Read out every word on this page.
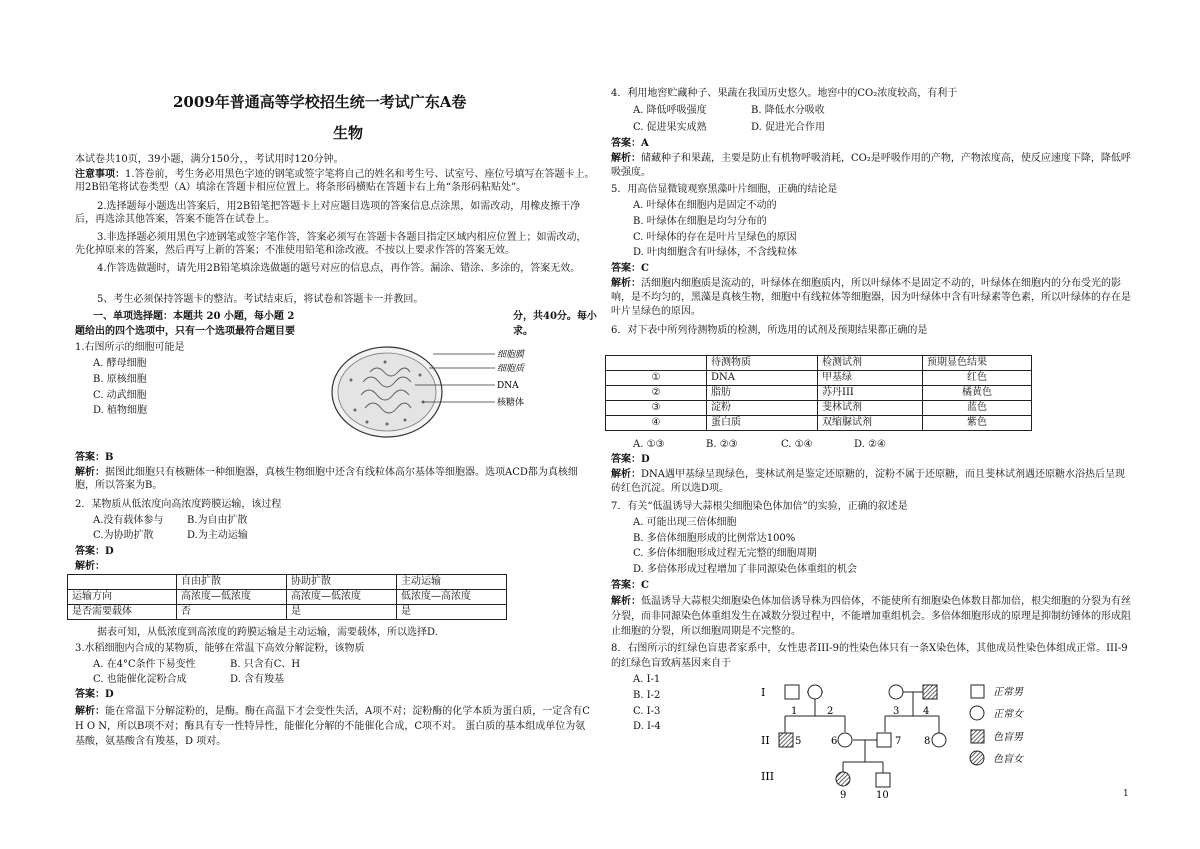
2009年普通高等学校招生统一考试广东A卷
生物
本试卷共10页，39小题，满分150分，，考试用时120分钟。
注意事项：1.答卷前，考生务必用黑色字迹的钢笔或签字笔将自己的姓名和考生号、试室号、座位号填写在答题卡上。用2B铅笔将试卷类型（A）填涂在答题卡相应位置上。将条形码横贴在答题卡右上角“条形码粘贴处”。
2.选择题每小题选出答案后，用2B铅笔把答题卡上对应题目选项的答案信息点涂黑，如需改动，用橡皮擦干净后，再选涂其他答案，答案不能答在试卷上。
3.非选择题必须用黑色字迹钢笔或签字笔作答，答案必须写在答题卡各题目指定区域内相应位置上；如需改动，先化掉原来的答案，然后再写上新的答案；不准使用铅笔和涂改液。不按以上要求作答的答案无效。
4.作答选做题时，请先用2B铅笔填涂选做题的题号对应的信息点，再作答。漏涂、错涂、多涂的，答案无效。
5、考生必须保持答题卡的整洁。考试结束后，将试卷和答题卡一并教回。
一、单项选择题：本题共 20 小题，每小题 2	分，共40分。每小
题给出的四个选项中，只有一个选项最符合题目要	求。
1.右图所示的细胞可能是
A. 酵母细胞
B. 原核细胞
C. 动武细胞
D. 植物细胞
细胞膜
细胞质
DNA
核糖体
答案：B
解析：据图此细胞只有核糖体一种细胞器，真核生物细胞中还含有线粒体高尔基体等细胞器。选项ACD都为真核细胞，所以答案为B。
2．某物质从低浓度向高浓度跨膜运输，该过程
A.没有载体参与 B.为自由扩散
C.为协助扩散	D.为主动运输
答案：D
解析：
	自由扩散	协助扩散	主动运输
运输方向	高浓度—低浓度	高浓度—低浓度	低浓度—高浓度
是否需要载体	否	是	是
据表可知，从低浓度到高浓度的跨膜运输是主动运输，需要载体，所以选择D.
3.水稻细胞内合成的某物质，能够在常温下高效分解淀粉，该物质
A. 在4°C条件下易变性	B. 只含有C、H
C. 也能催化淀粉合成	D. 含有羧基
答案：D
解析：能在常温下分解淀粉的，是酶。酶在高温下才会变性失活，A项不对；淀粉酶的化学本质为蛋白质，一定含有C H O N，所以B项不对；酶具有专一性特异性，能催化分解的不能催化合成，C项不对。 蛋白质的基本组成单位为氨基酸，氨基酸含有羧基，D 项对。
4．利用地窖贮藏种子、果蔬在我国历史悠久。地窖中的CO₂浓度较高，有利于
A. 降低呼吸强度	B. 降低水分吸收
C. 促进果实成熟	D. 促进光合作用
答案：A
解析：储藏种子和果蔬，主要是防止有机物呼吸消耗，CO₂是呼吸作用的产物，产物浓度高，使反应速度下降，降低呼吸强度。
5．用高倍显微镜观察黑藻叶片细胞，正确的结论是
A. 叶绿体在细胞内是固定不动的
B. 叶绿体在细胞是均匀分布的
C. 叶绿体的存在是叶片呈绿色的原因
D. 叶肉细胞含有叶绿体，不含线粒体
答案：C
解析：活细胞内细胞质是流动的，叶绿体在细胞质内，所以叶绿体不是固定不动的，叶绿体在细胞内的分布受光的影响，是不均匀的，黑藻是真核生物，细胞中有线粒体等细胞器，因为叶绿体中含有叶绿素等色素，所以叶绿体的存在是叶片呈绿色的原因。
6．对下表中所列待测物质的检测，所选用的试剂及预期结果都正确的是
	待测物质	检测试剂	预期显色结果
①	DNA	甲基绿	红色
②	脂肪	苏丹III	橘黄色
③	淀粉	斐林试剂	蓝色
④	蛋白质	双缩脲试剂	紫色
A. ①③	B. ②③	C. ①④	D. ②④
答案：D
解析：DNA遇甲基绿呈现绿色，斐林试剂是鉴定还原糖的，淀粉不属于还原糖，而且斐林试剂遇还原糖水浴热后呈现砖红色沉淀。所以选D项。
7．有关“低温诱导大蒜根尖细胞染色体加倍”的实验，正确的叙述是
A. 可能出现三倍体细胞
B. 多倍体细胞形成的比例常达100%
C. 多倍体细胞形成过程无完整的细胞周期
D. 多倍体形成过程增加了非同源染色体重组的机会
答案：C
解析：低温诱导大蒜根尖细胞染色体加倍诱导株为四倍体，不能使所有细胞染色体数目都加倍，根尖细胞的分裂为有丝分裂，而非同源染色体重组发生在减数分裂过程中，不能增加重组机会。多倍体细胞形成的原理是抑制纺锤体的形成阻止细胞的分裂，所以细胞周期是不完整的。
8．右图所示的红绿色盲患者家系中，女性患者III-9的性染色体只有一条X染色体，其他成员性染色体组成正常。III-9的红绿色盲致病基因来自于
A. I-1
B. I-2
C. I-3
D. I-4
I
II
III
1	2	3 4
5	6	7 8
9	10
正常男
正常女
色盲男
色盲女
1
